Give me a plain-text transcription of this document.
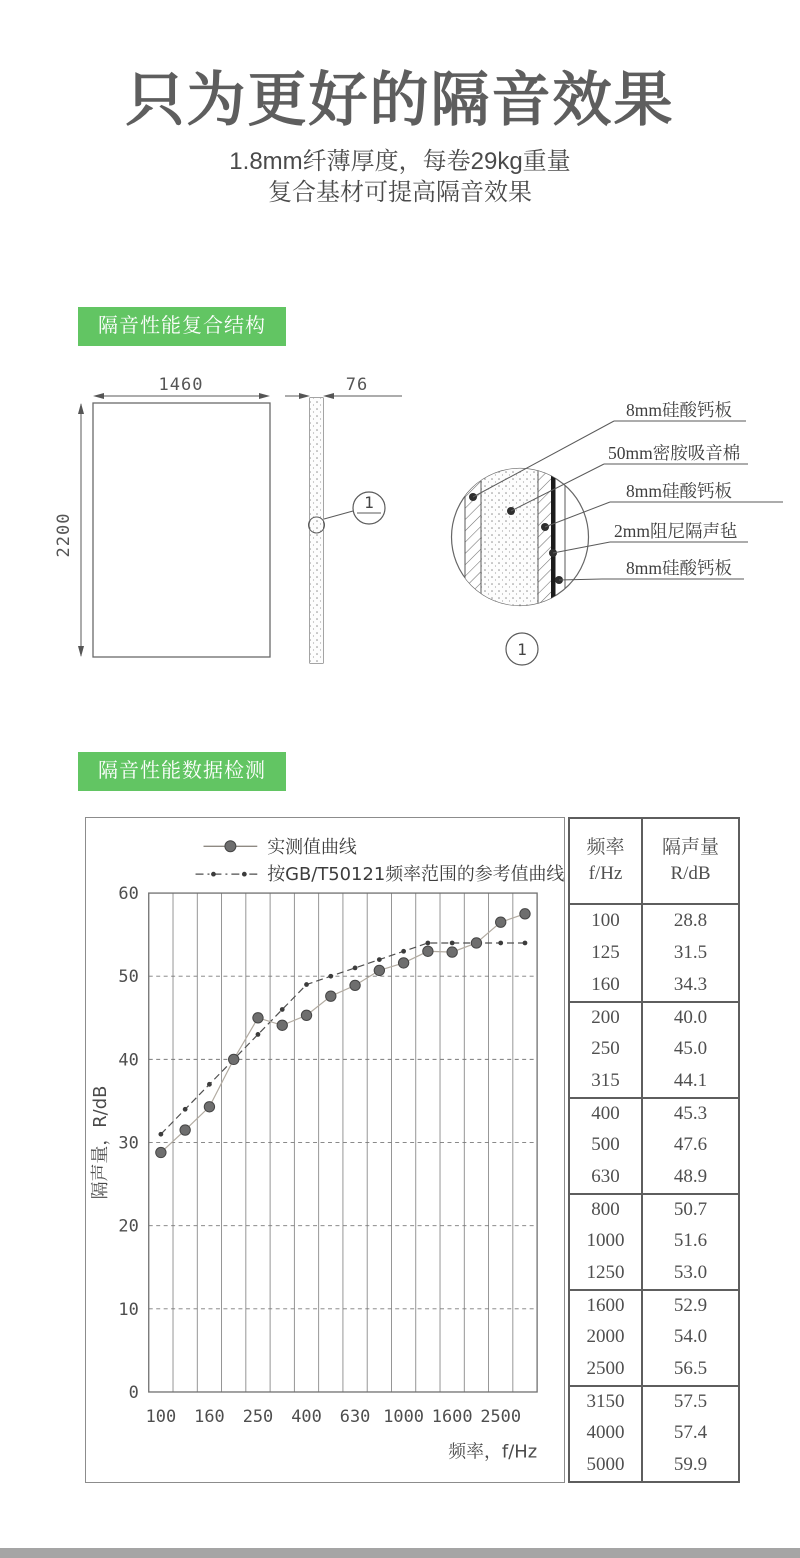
只为更好的隔音效果
1.8mm纤薄厚度，每卷29kg重量
复合基材可提高隔音效果
隔音性能复合结构
1460
2200
76
1
8mm硅酸钙板
50mm密胺吸音棉
8mm硅酸钙板
2mm阻尼隔声毡
8mm硅酸钙板
1
隔音性能数据检测
0
10
20
30
40
50
60
100 160 250 400 630 1000 1600 2500
隔声量，R/dB
频率，f/Hz
实测值曲线
按GB/T50121频率范围的参考值曲线
频率
f/Hz
隔声量
R/dB
100	28.8
125	31.5
160	34.3
200	40.0
250	45.0
315	44.1
400	45.3
500	47.6
630	48.9
800	50.7
1000	51.6
1250	53.0
1600	52.9
2000	54.0
2500	56.5
3150	57.5
4000	57.4
5000	59.9
